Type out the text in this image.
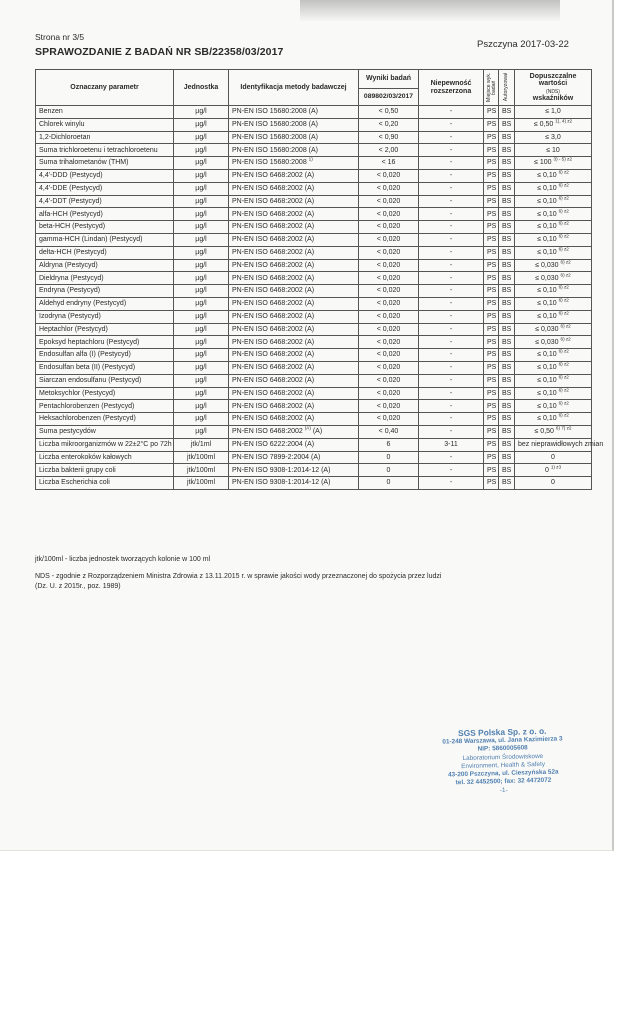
Strona nr 3/5
SPRAWOZDANIE Z BADAŃ NR SB/22358/03/2017
Pszczyna 2017-03-22
Oznaczany parametr	Jednostka	Identyfikacja metody badawczej	Wyniki badań	Niepewność rozszerzona	Miejsce wyk. badań	Autoryzował	Dopuszczalne wartości
(NDS)
wskaźników

			089802/03/2017				
Benzen	µg/l	PN-EN ISO 15680:2008 (A)	< 0,50	-	PS	BS	≤ 1,0
Chlorek winylu	µg/l	PN-EN ISO 15680:2008 (A)	< 0,20	-	PS	BS	≤ 0,50 $^{1), 4) z2}$
1,2-Dichloroetan	µg/l	PN-EN ISO 15680:2008 (A)	< 0,90	-	PS	BS	≤ 3,0
Suma trichloroetenu i tetrachloroetenu	µg/l	PN-EN ISO 15680:2008 (A)	< 2,00	-	PS	BS	≤ 10
Suma trihalometanów (THM)	µg/l	PN-EN ISO 15680:2008 $^{1)}$	< 16	-	PS	BS	≤ 100 $^{3) - 5) z2}$
4,4'-DDD (Pestycyd)	µg/l	PN-EN ISO 6468:2002 (A)	< 0,020	-	PS	BS	≤ 0,10 $^{6) z2}$
4,4'-DDE (Pestycyd)	µg/l	PN-EN ISO 6468:2002 (A)	< 0,020	-	PS	BS	≤ 0,10 $^{6) z2}$
4,4'-DDT (Pestycyd)	µg/l	PN-EN ISO 6468:2002 (A)	< 0,020	-	PS	BS	≤ 0,10 $^{6) z2}$
alfa-HCH (Pestycyd)	µg/l	PN-EN ISO 6468:2002 (A)	< 0,020	-	PS	BS	≤ 0,10 $^{6) z2}$
beta-HCH (Pestycyd)	µg/l	PN-EN ISO 6468:2002 (A)	< 0,020	-	PS	BS	≤ 0,10 $^{6) z2}$
gamma-HCH (Lindan) (Pestycyd)	µg/l	PN-EN ISO 6468:2002 (A)	< 0,020	-	PS	BS	≤ 0,10 $^{6) z2}$
delta-HCH (Pestycyd)	µg/l	PN-EN ISO 6468:2002 (A)	< 0,020	-	PS	BS	≤ 0,10 $^{6) z2}$
Aldryna (Pestycyd)	µg/l	PN-EN ISO 6468:2002 (A)	< 0,020	-	PS	BS	≤ 0,030 $^{6) z2}$
Dieldryna (Pestycyd)	µg/l	PN-EN ISO 6468:2002 (A)	< 0,020	-	PS	BS	≤ 0,030 $^{6) z2}$
Endryna (Pestycyd)	µg/l	PN-EN ISO 6468:2002 (A)	< 0,020	-	PS	BS	≤ 0,10 $^{6) z2}$
Aldehyd endryny (Pestycyd)	µg/l	PN-EN ISO 6468:2002 (A)	< 0,020	-	PS	BS	≤ 0,10 $^{6) z2}$
Izodryna (Pestycyd)	µg/l	PN-EN ISO 6468:2002 (A)	< 0,020	-	PS	BS	≤ 0,10 $^{6) z2}$
Heptachlor (Pestycyd)	µg/l	PN-EN ISO 6468:2002 (A)	< 0,020	-	PS	BS	≤ 0,030 $^{6) z2}$
Epoksyd heptachloru (Pestycyd)	µg/l	PN-EN ISO 6468:2002 (A)	< 0,020	-	PS	BS	≤ 0,030 $^{6) z2}$
Endosulfan alfa (I) (Pestycyd)	µg/l	PN-EN ISO 6468:2002 (A)	< 0,020	-	PS	BS	≤ 0,10 $^{6) z2}$
Endosulfan beta (II) (Pestycyd)	µg/l	PN-EN ISO 6468:2002 (A)	< 0,020	-	PS	BS	≤ 0,10 $^{6) z2}$
Siarczan endosulfanu (Pestycyd)	µg/l	PN-EN ISO 6468:2002 (A)	< 0,020	-	PS	BS	≤ 0,10 $^{6) z2}$
Metoksychlor (Pestycyd)	µg/l	PN-EN ISO 6468:2002 (A)	< 0,020	-	PS	BS	≤ 0,10 $^{6) z2}$
Pentachlorobenzen (Pestycyd)	µg/l	PN-EN ISO 6468:2002 (A)	< 0,020	-	PS	BS	≤ 0,10 $^{6) z2}$
Heksachlorobenzen (Pestycyd)	µg/l	PN-EN ISO 6468:2002 (A)	< 0,020	-	PS	BS	≤ 0,10 $^{6) z2}$
Suma pestycydów	µg/l	PN-EN ISO 6468:2002 $^{(A)}$ (A)	< 0,40	-	PS	BS	≤ 0,50 $^{6) 7) z2}$
Liczba mikroorganizmów w 22±2°C po 72h	jtk/1ml	PN-EN ISO 6222:2004 (A)	6	3-11	PS	BS	bez nieprawidłowych zmian
Liczba enterokoków kałowych	jtk/100ml	PN-EN ISO 7899-2:2004 (A)	0	-	PS	BS	0
Liczba bakterii grupy coli	jtk/100ml	PN-EN ISO 9308-1:2014-12 (A)	0	-	PS	BS	0 $^{1) z3}$
Liczba Escherichia coli	jtk/100ml	PN-EN ISO 9308-1:2014-12 (A)	0	-	PS	BS	0
jtk/100ml - liczba jednostek tworzących kolonie w 100 ml
NDS - zgodnie z Rozporządzeniem Ministra Zdrowia z 13.11.2015 r. w sprawie jakości wody przeznaczonej do spożycia przez ludzi
(Dz. U. z 2015r., poz. 1989)
SGS Polska Sp. z o. o.
01-248 Warszawa, ul. Jana Kazimierza 3
NIP: 5860005608
Laboratorium Środowiskowe
Environment, Health & Safety
43-200 Pszczyna, ul. Cieszyńska 52a
tel. 32 4452500; fax: 32 4472072
-1-
